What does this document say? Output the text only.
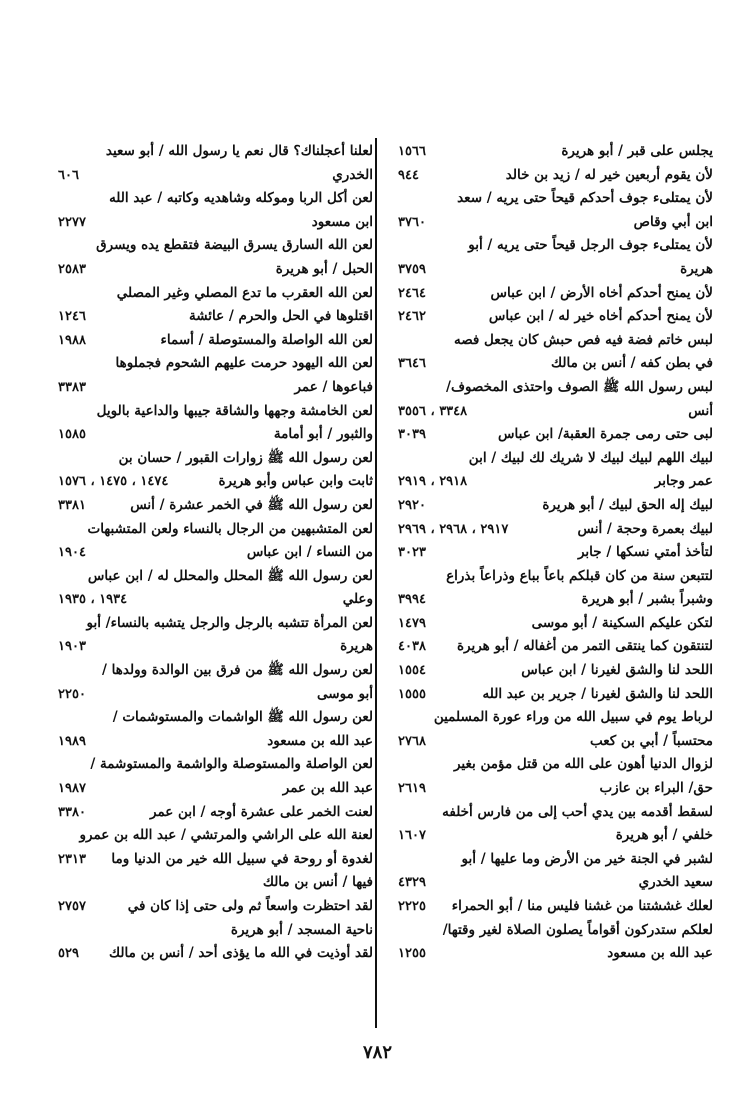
يجلس على قبر / أبو هريرة
١٥٦٦
لأن يقوم أربعين خير له / زيد بن خالد
٩٤٤
لأن يمتلىء جوف أحدكم قيحاً حتى يريه / سعد
ابن أبي وقاص
٣٧٦٠
لأن يمتلىء جوف الرجل قيحاً حتى يريه / أبو
هريرة
٣٧٥٩
لأن يمنح أحدكم أخاه الأرض / ابن عباس
٢٤٦٤
لأن يمنح أحدكم أخاه خير له / ابن عباس
٢٤٦٢
لبس خاتم فضة فيه فص حبش كان يجعل فصه
في بطن كفه / أنس بن مالك
٣٦٤٦
لبس رسول الله ﷺ الصوف واحتذى المخصوف/
أنس
٣٣٤٨ ، ٣٥٥٦
لبى حتى رمى جمرة العقبة/ ابن عباس
٣٠٣٩
لبيك اللهم لبيك لبيك لا شريك لك لبيك / ابن
عمر وجابر
٢٩١٨ ، ٢٩١٩
لبيك إله الحق لبيك / أبو هريرة
٢٩٢٠
لبيك بعمرة وحجة / أنس
٢٩١٧ ، ٢٩٦٨ ، ٢٩٦٩
لتأخذ أمتي نسكها / جابر
٣٠٢٣
لتتبعن سنة من كان قبلكم باعاً بباع وذراعاً بذراع
وشبراً بشبر / أبو هريرة
٣٩٩٤
لتكن عليكم السكينة / أبو موسى
١٤٧٩
لتنتقون كما ينتقى التمر من أغفاله / أبو هريرة
٤٠٣٨
اللحد لنا والشق لغيرنا / ابن عباس
١٥٥٤
اللحد لنا والشق لغيرنا / جرير بن عبد الله
١٥٥٥
لرباط يوم في سبيل الله من وراء عورة المسلمين
محتسباً / أبي بن كعب
٢٧٦٨
لزوال الدنيا أهون على الله من قتل مؤمن بغير
حق/ البراء بن عازب
٢٦١٩
لسقط أقدمه بين يدي أحب إلى من فارس أخلفه
خلفي / أبو هريرة
١٦٠٧
لشبر في الجنة خير من الأرض وما عليها / أبو
سعيد الخدري
٤٣٢٩
لعلك غششتنا من غشنا فليس منا / أبو الحمراء
٢٢٢٥
لعلكم ستدركون أقواماً يصلون الصلاة لغير وقتها/
عبد الله بن مسعود
١٢٥٥
لعلنا أعجلناك؟ قال نعم يا رسول الله / أبو سعيد
الخدري
٦٠٦
لعن أكل الربا وموكله وشاهديه وكاتبه / عبد الله
ابن مسعود
٢٢٧٧
لعن الله السارق يسرق البيضة فتقطع يده ويسرق
الحبل / أبو هريرة
٢٥٨٣
لعن الله العقرب ما تدع المصلي وغير المصلي
اقتلوها في الحل والحرم / عائشة
١٢٤٦
لعن الله الواصلة والمستوصلة / أسماء
١٩٨٨
لعن الله اليهود حرمت عليهم الشحوم فجملوها
فباعوها / عمر
٣٣٨٣
لعن الخامشة وجهها والشاقة جيبها والداعية بالويل
والثبور / أبو أمامة
١٥٨٥
لعن رسول الله ﷺ زوارات القبور / حسان بن
ثابت وابن عباس وأبو هريرة
١٤٧٤ ، ١٤٧٥ ، ١٥٧٦
لعن رسول الله ﷺ في الخمر عشرة / أنس
٣٣٨١
لعن المتشبهين من الرجال بالنساء ولعن المتشبهات
من النساء / ابن عباس
١٩٠٤
لعن رسول الله ﷺ المحلل والمحلل له / ابن عباس
وعلي
١٩٣٤ ، ١٩٣٥
لعن المرأة تتشبه بالرجل والرجل يتشبه بالنساء/ أبو
هريرة
١٩٠٣
لعن رسول الله ﷺ من فرق بين الوالدة وولدها /
أبو موسى
٢٢٥٠
لعن رسول الله ﷺ الواشمات والمستوشمات /
عبد الله بن مسعود
١٩٨٩
لعن الواصلة والمستوصلة والواشمة والمستوشمة /
عبد الله بن عمر
١٩٨٧
لعنت الخمر على عشرة أوجه / ابن عمر
٣٣٨٠
لعنة الله على الراشي والمرتشي / عبد الله بن عمرو
لغدوة أو روحة في سبيل الله خير من الدنيا وما
٢٣١٣
فيها / أنس بن مالك
لقد احتظرت واسعاً ثم ولى حتى إذا كان في
٢٧٥٧
ناحية المسجد / أبو هريرة
لقد أوذيت في الله ما يؤذى أحد / أنس بن مالك
٥٢٩
٧٨٢
